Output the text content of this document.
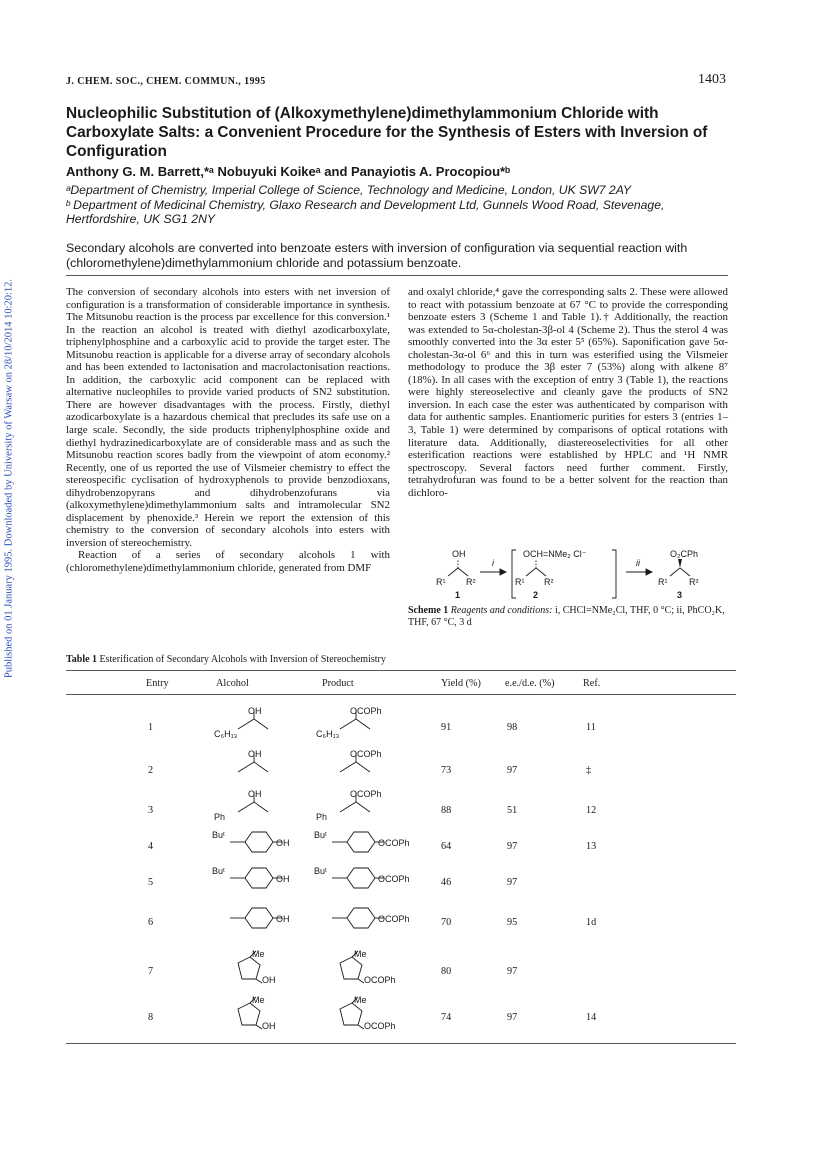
Published on 01 January 1995. Downloaded by University of Warsaw on 28/10/2014 10:20:12.
J. CHEM. SOC., CHEM. COMMUN., 1995	1403
Nucleophilic Substitution of (Alkoxymethylene)dimethylammonium Chloride with Carboxylate Salts: a Convenient Procedure for the Synthesis of Esters with Inversion of Configuration
Anthony G. M. Barrett,*ᵃ Nobuyuki Koikeᵃ and Panayiotis A. Procopiou*ᵇ
ᵃDepartment of Chemistry, Imperial College of Science, Technology and Medicine, London, UK SW7 2AY
ᵇ Department of Medicinal Chemistry, Glaxo Research and Development Ltd, Gunnels Wood Road, Stevenage, Hertfordshire, UK SG1 2NY
Secondary alcohols are converted into benzoate esters with inversion of configuration via sequential reaction with (chloromethylene)dimethylammonium chloride and potassium benzoate.

The conversion of secondary alcohols into esters with net inversion of configuration is a transformation of considerable importance in synthesis. The Mitsunobu reaction is the process par excellence for this conversion.¹ In the reaction an alcohol is treated with diethyl azodicarboxylate, triphenylphosphine and a carboxylic acid to provide the target ester. The Mitsunobu reaction is applicable for a diverse array of secondary alcohols and has been extended to lactonisation and macrolactonisation reactions. In addition, the carboxylic acid component can be replaced with alternative nucleophiles to provide varied products of SN2 substitution. There are however disadvantages with the process. Firstly, diethyl azodicarboxylate is a hazardous chemical that precludes its safe use on a large scale. Secondly, the side products triphenylphosphine oxide and diethyl hydrazinedicarboxylate are of considerable mass and as such the Mitsunobu reaction scores badly from the viewpoint of atom economy.² Recently, one of us reported the use of Vilsmeier chemistry to effect the stereospecific cyclisation of hydroxyphenols to provide benzodioxans, dihydrobenzopyrans and dihydrobenzofurans via (alkoxymethylene)dimethylammonium salts and intramolecular SN2 displacement by phenoxide.³ Herein we report the extension of this chemistry to the conversion of secondary alcohols into esters with inversion of stereochemistry.

Reaction of a series of secondary alcohols 1 with (chloromethylene)dimethylammonium chloride, generated from DMF

and oxalyl chloride,⁴ gave the corresponding salts 2. These were allowed to react with potassium benzoate at 67 °C to provide the corresponding benzoate esters 3 (Scheme 1 and Table 1).† Additionally, the reaction was extended to 5α-cholestan-3β-ol 4 (Scheme 2). Thus the sterol 4 was smoothly converted into the 3α ester 5⁵ (65%). Saponification gave 5α-cholestan-3α-ol 6⁶ and this in turn was esterified using the Vilsmeier methodology to produce the 3β ester 7 (53%) along with alkene 8⁷ (18%). In all cases with the exception of entry 3 (Table 1), the reactions were highly stereoselective and cleanly gave the products of SN2 inversion. In each case the ester was authenticated by comparison with data for authentic samples. Enantiomeric purities for esters 3 (entries 1–3, Table 1) were determined by comparisons of optical rotations with literature data. Additionally, diastereoselectivities for all other esterification reactions were established by HPLC and ¹H NMR spectroscopy. Several factors need further comment. Firstly, tetrahydrofuran was found to be a better solvent for the reaction than dichloro-

OH
R¹ R²
i
OCH=NMe₂ Cl⁻
R¹ R²
ii
O₂CPh
R¹ R²
1	2	3
Scheme 1 Reagents and conditions: i, CHCl=NMe₂Cl, THF, 0 °C; ii, PhCO₂K, THF, 67 °C, 3 d
Table 1 Esterification of Secondary Alcohols with Inversion of Stereochemistry
Entry	Alcohol	Product	Yield (%) e.e./d.e. (%)	Ref.
1	91	98	11
C₆H₁₃
OH
C₆H₁₃
OCOPh
2	73	97	‡
OH	OCOPh
3	88	51	12
Ph
OH
Ph
OCOPh
4	64	97	13
Buᵗ
OH
Buᵗ
OCOPh
5	46	97
Buᵗ
OH
Buᵗ
OCOPh
6	70	95	1d
OH	OCOPh
7	80	97
Me
OH
Me
OCOPh
8	74	97	14
Me
OH
Me
OCOPh
